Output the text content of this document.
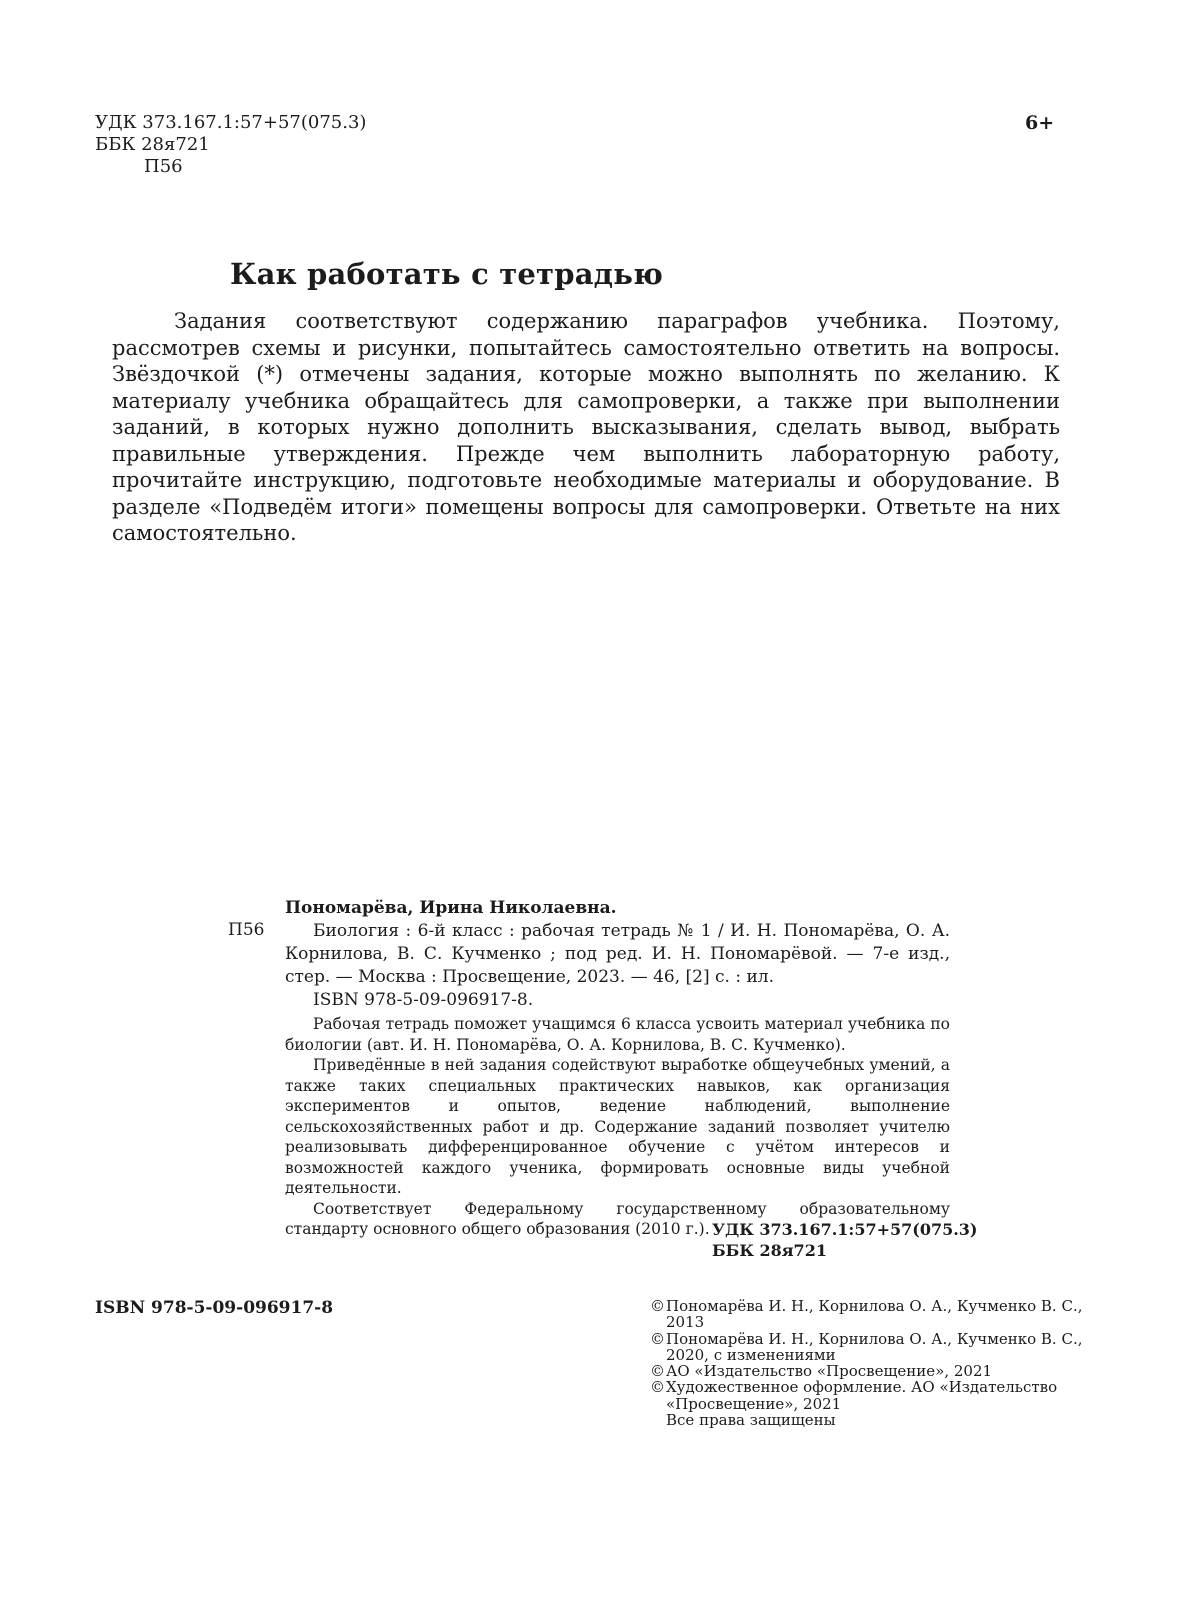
УДК 373.167.1:57+57(075.3)
ББК 28я721
П56
6+
Как работать с тетрадью

Задания соответствуют содержанию параграфов учебника. Поэтому, рассмотрев схемы и рисунки, попытайтесь самостоятельно ответить на вопросы. Звёздочкой (*) отмечены задания, которые можно выполнять по желанию. К материалу учебника обращайтесь для самопроверки, а также при выполнении заданий, в которых нужно дополнить высказывания, сделать вывод, выбрать правильные утверждения. Прежде чем выполнить лабораторную работу, прочитайте инструкцию, подготовьте необходимые материалы и оборудование. В разделе «Подведём итоги» помещены вопросы для самопроверки. Ответьте на них самостоятельно.

Пономарёва, Ирина Николаевна.
П56	Биология : 6-й класс : рабочая тетрадь № 1 / И. Н. Пономарёва, О. А. Корнилова, В. С. Кучменко ; под ред. И. Н. Пономарёвой. — 7-е изд., стер. — Москва : Просвещение, 2023. — 46, [2] с. : ил.

ISBN 978-5-09-096917-8.

Рабочая тетрадь поможет учащимся 6 класса усвоить материал учебника по биологии (авт. И. Н. Пономарёва, О. А. Корнилова, В. С. Кучменко).

Приведённые в ней задания содействуют выработке общеучебных умений, а также таких специальных практических навыков, как организация экспериментов и опытов, ведение наблюдений, выполнение сельскохозяйственных работ и др. Содержание заданий позволяет учителю реализовывать дифференцированное обучение с учётом интересов и возможностей каждого ученика, формировать основные виды учебной деятельности.

Соответствует Федеральному государственному образовательному стандарту основного общего образования (2010 г.). УДК 373.167.1:57+57(075.3)
ББК 28я721
ISBN 978-5-09-096917-8	©Пономарёва И. Н., Корнилова О. А., Кучменко В. С., 2013
©Пономарёва И. Н., Корнилова О. А., Кучменко В. С., 2020, с изменениями
©АО «Издательство «Просвещение», 2021
©Художественное оформление. АО «Издательство «Просвещение», 2021
Все права защищены
